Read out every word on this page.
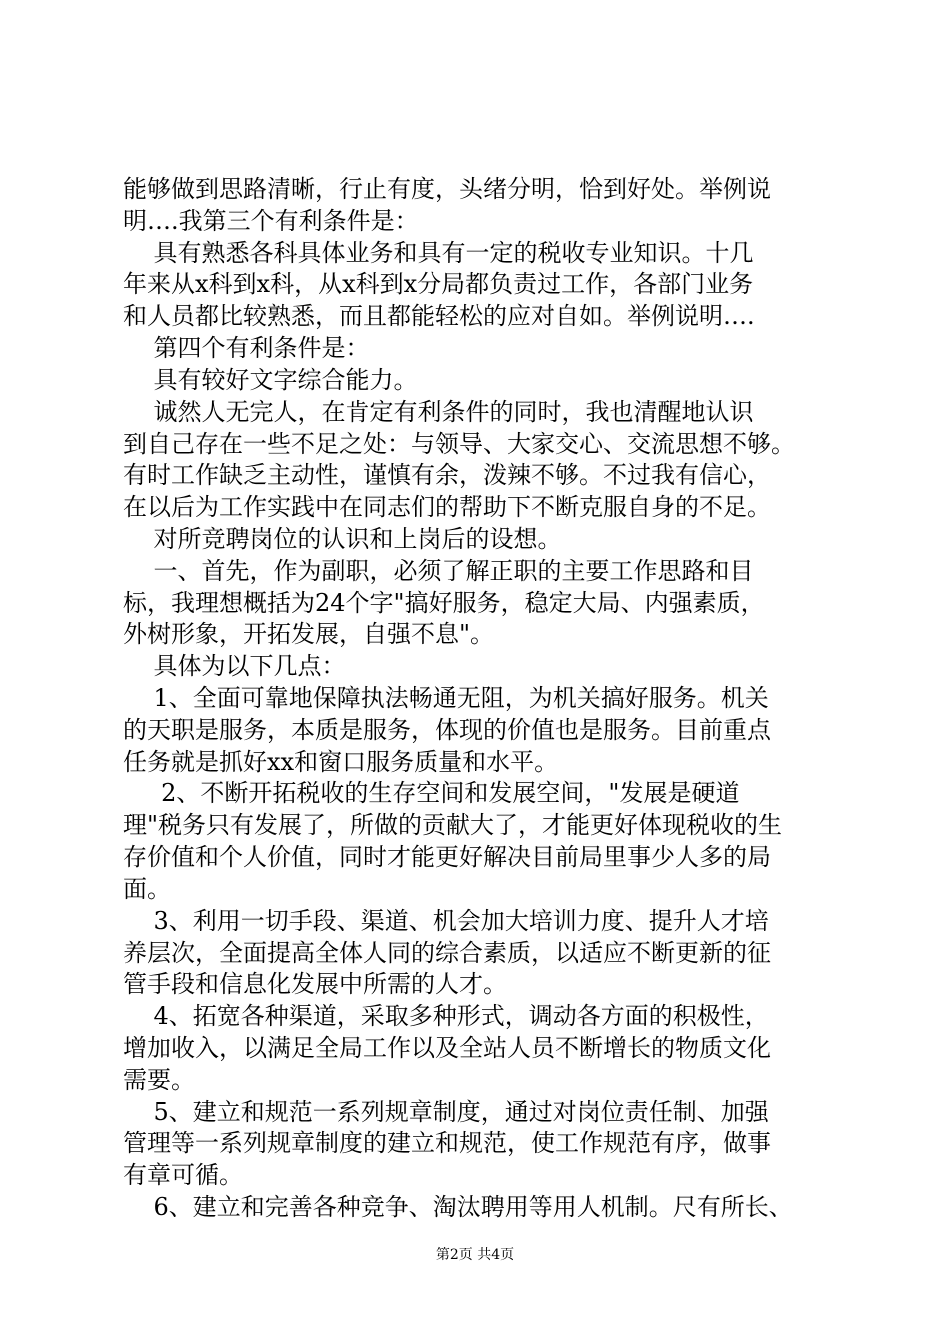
能够做到思路清晰，行止有度，头绪分明，恰到好处。举例说
明….我第三个有利条件是：
具有熟悉各科具体业务和具有一定的税收专业知识。十几
年来从x科到x科，从x科到x分局都负责过工作，各部门业务
和人员都比较熟悉，而且都能轻松的应对自如。举例说明….
第四个有利条件是：
具有较好文字综合能力。
诚然人无完人，在肯定有利条件的同时，我也清醒地认识
到自己存在一些不足之处：与领导、大家交心、交流思想不够。
有时工作缺乏主动性，谨慎有余，泼辣不够。不过我有信心，
在以后为工作实践中在同志们的帮助下不断克服自身的不足。
对所竞聘岗位的认识和上岗后的设想。
一、首先，作为副职，必须了解正职的主要工作思路和目
标，我理想概括为24个字"搞好服务，稳定大局、内强素质，
外树形象，开拓发展，自强不息"。
具体为以下几点：
1、全面可靠地保障执法畅通无阻，为机关搞好服务。机关
的天职是服务，本质是服务，体现的价值也是服务。目前重点
任务就是抓好xx和窗口服务质量和水平。
2、不断开拓税收的生存空间和发展空间，"发展是硬道
理"税务只有发展了，所做的贡献大了，才能更好体现税收的生
存价值和个人价值，同时才能更好解决目前局里事少人多的局
面。
3、利用一切手段、渠道、机会加大培训力度、提升人才培
养层次，全面提高全体人同的综合素质，以适应不断更新的征
管手段和信息化发展中所需的人才。
4、拓宽各种渠道，采取多种形式，调动各方面的积极性，
增加收入，以满足全局工作以及全站人员不断增长的物质文化
需要。
5、建立和规范一系列规章制度，通过对岗位责任制、加强
管理等一系列规章制度的建立和规范，使工作规范有序，做事
有章可循。
6、建立和完善各种竞争、淘汰聘用等用人机制。尺有所长、
第2页 共4页
